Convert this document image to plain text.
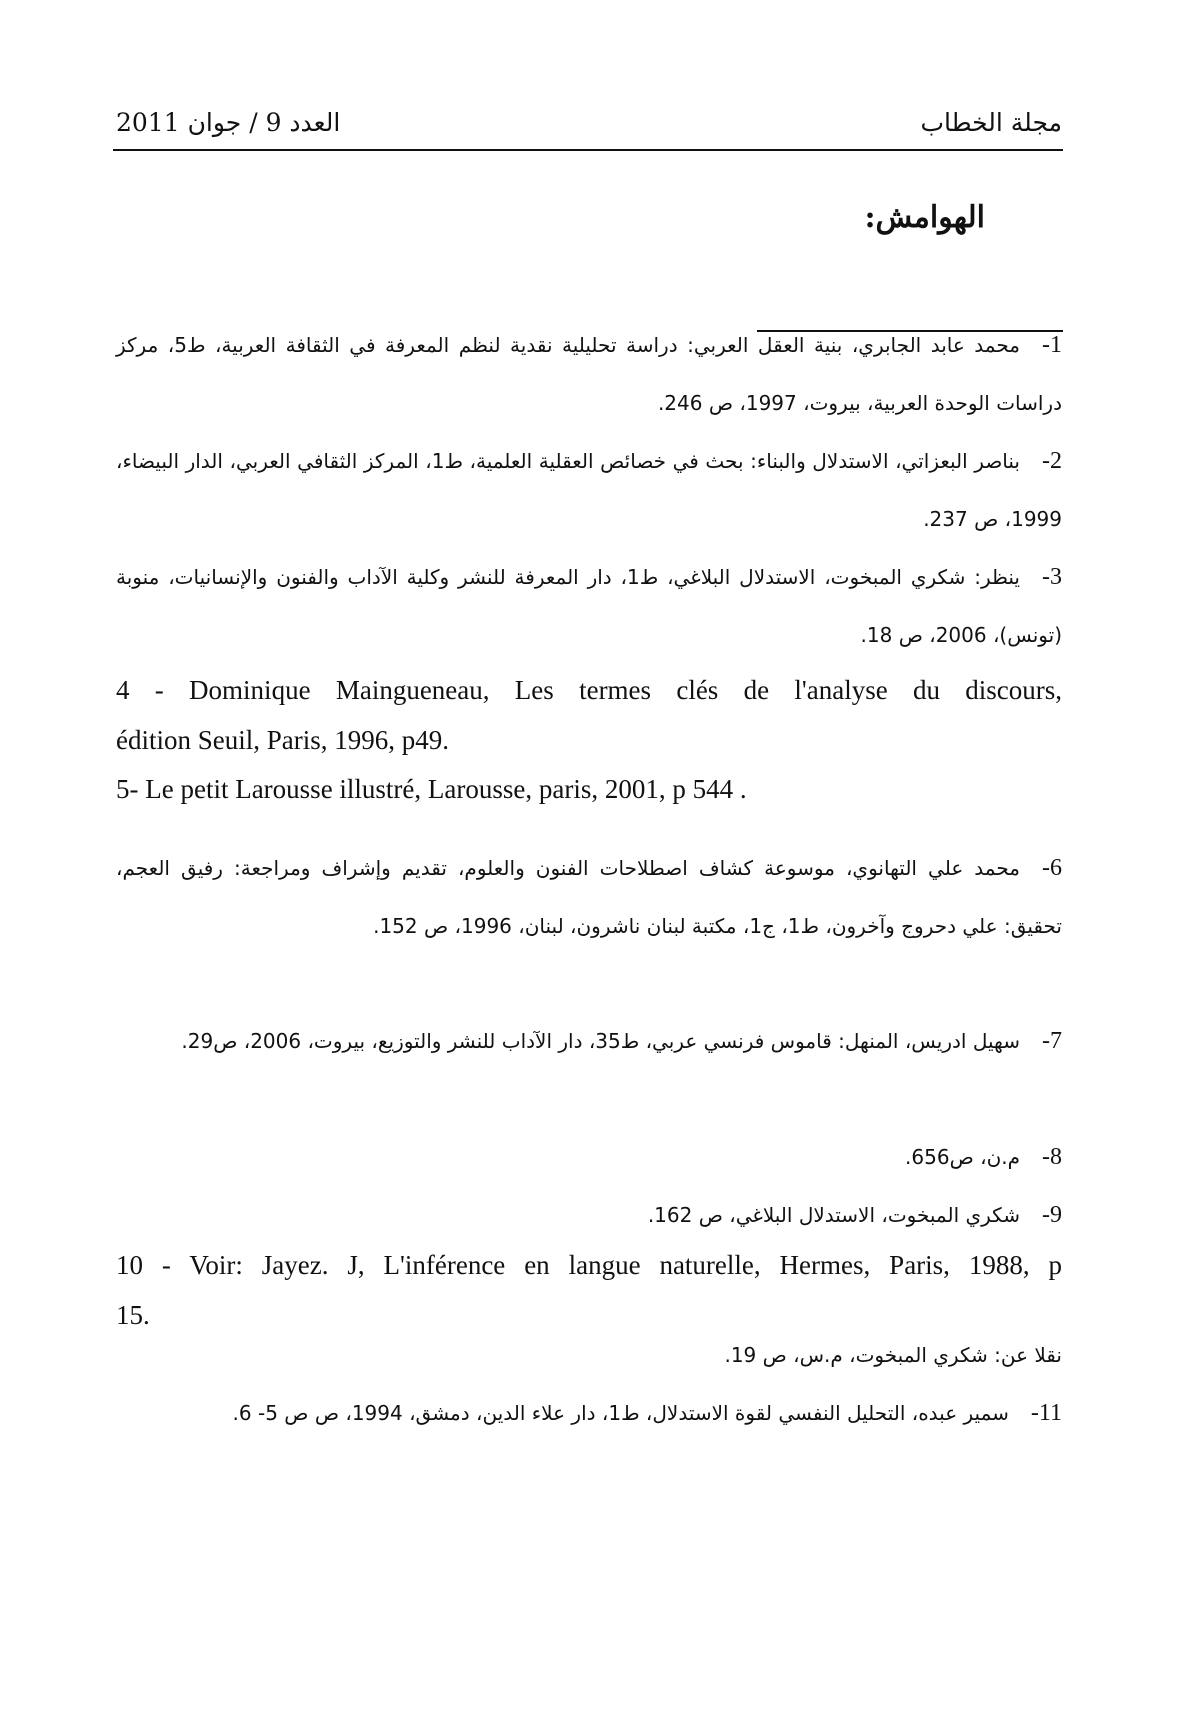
مجلة الخطاب
العدد 9 / جوان 2011
الهوامش:
1-محمد عابد الجابري، بنية العقل العربي: دراسة تحليلية نقدية لنظم المعرفة في الثقافة العربية، ط5، مركز دراسات الوحدة العربية، بيروت، 1997، ص 246.
2-بناصر البعزاتي، الاستدلال والبناء: بحث في خصائص العقلية العلمية، ط1، المركز الثقافي العربي، الدار البيضاء، 1999، ص 237.
3-ينظر: شكري المبخوت، الاستدلال البلاغي، ط1، دار المعرفة للنشر وكلية الآداب والفنون والإنسانيات، منوبة (تونس)، 2006، ص 18.
4 - Dominique Maingueneau, Les termes clés de l'analyse du discours,
édition Seuil, Paris, 1996, p49.
5- Le petit Larousse illustré, Larousse, paris, 2001, p 544 .
6-محمد علي التهانوي، موسوعة كشاف اصطلاحات الفنون والعلوم، تقديم وإشراف ومراجعة: رفيق العجم، تحقيق: علي دحروج وآخرون، ط1، ج1، مكتبة لبنان ناشرون، لبنان، 1996، ص 152.
7-سهيل ادريس، المنهل: قاموس فرنسي عربي، ط35، دار الآداب للنشر والتوزيع، بيروت، 2006، ص29.
8-م.ن، ص656.
9-شكري المبخوت، الاستدلال البلاغي، ص 162.
10 - Voir: Jayez. J, L'inférence en langue naturelle, Hermes, Paris, 1988, p
15.
نقلا عن: شكري المبخوت، م.س، ص 19.
11-سمير عبده، التحليل النفسي لقوة الاستدلال، ط1، دار علاء الدين، دمشق، 1994، ص ص 5- 6.
